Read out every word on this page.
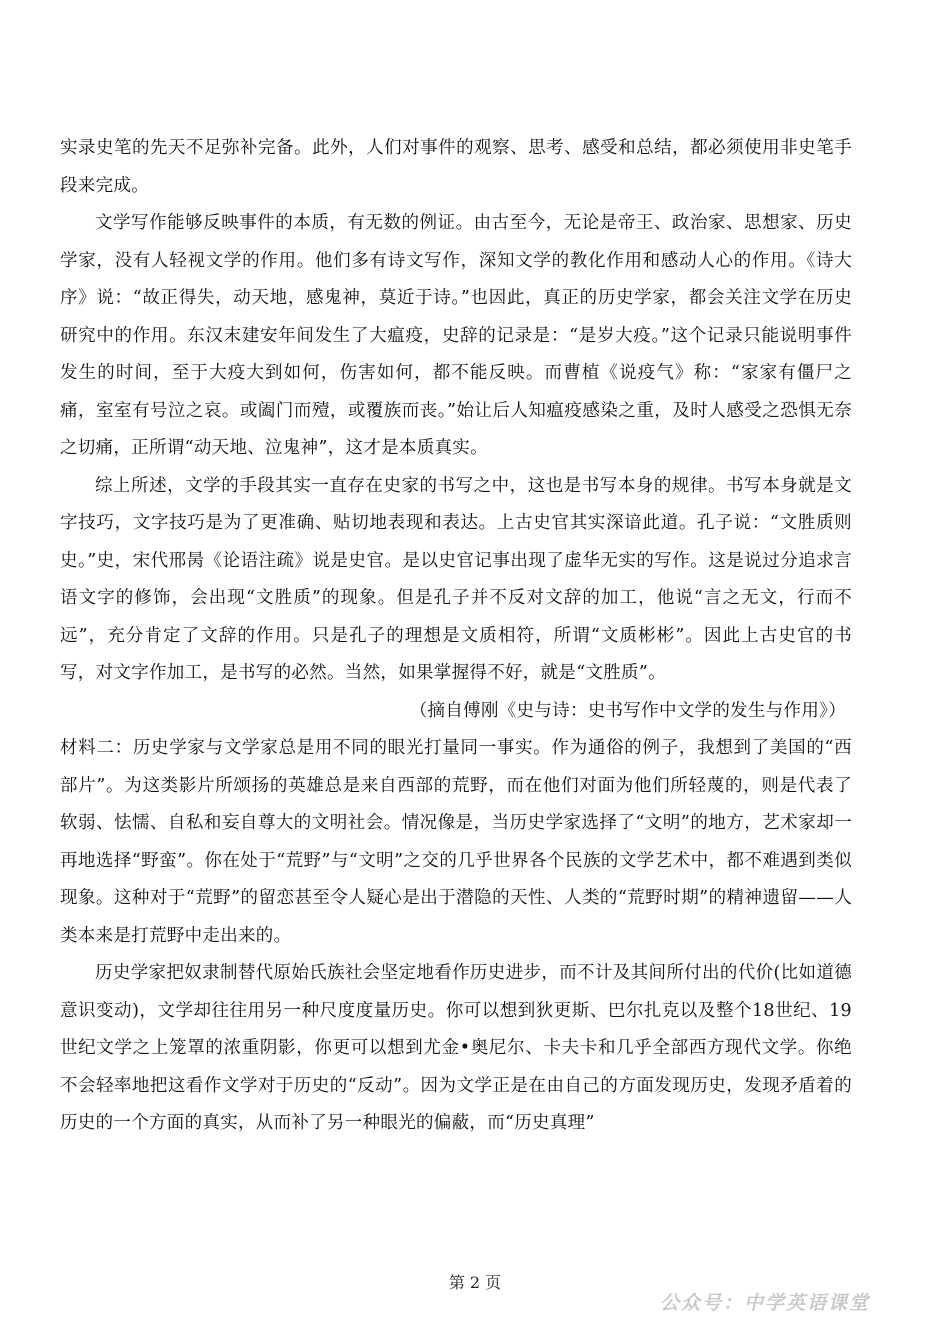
实录史笔的先天不足弥补完备。此外，人们对事件的观察、思考、感受和总结，都必须使用非史笔手段来完成。

文学写作能够反映事件的本质，有无数的例证。由古至今，无论是帝王、政治家、思想家、历史学家，没有人轻视文学的作用。他们多有诗文写作，深知文学的教化作用和感动人心的作用。《诗大序》说：“故正得失，动天地，感鬼神，莫近于诗。”也因此，真正的历史学家，都会关注文学在历史研究中的作用。东汉末建安年间发生了大瘟疫，史辞的记录是：“是岁大疫。”这个记录只能说明事件发生的时间，至于大疫大到如何，伤害如何，都不能反映。而曹植《说疫气》称：“家家有僵尸之痛，室室有号泣之哀。或阖门而殪，或覆族而丧。”始让后人知瘟疫感染之重，及时人感受之恐惧无奈之切痛，正所谓“动天地、泣鬼神”，这才是本质真实。

综上所述，文学的手段其实一直存在史家的书写之中，这也是书写本身的规律。书写本身就是文字技巧，文字技巧是为了更准确、贴切地表现和表达。上古史官其实深谙此道。孔子说：“文胜质则史。”史，宋代邢昺《论语注疏》说是史官。是以史官记事出现了虚华无实的写作。这是说过分追求言语文字的修饰，会出现“文胜质”的现象。但是孔子并不反对文辞的加工，他说“言之无文，行而不远”，充分肯定了文辞的作用。只是孔子的理想是文质相符，所谓“文质彬彬”。因此上古史官的书写，对文字作加工，是书写的必然。当然，如果掌握得不好，就是“文胜质”。

（摘自傅刚《史与诗：史书写作中文学的发生与作用》）

材料二：历史学家与文学家总是用不同的眼光打量同一事实。作为通俗的例子，我想到了美国的“西部片”。为这类影片所颂扬的英雄总是来自西部的荒野，而在他们对面为他们所轻蔑的，则是代表了软弱、怯懦、自私和妄自尊大的文明社会。情况像是，当历史学家选择了“文明”的地方，艺术家却一再地选择“野蛮”。你在处于“荒野”与“文明”之交的几乎世界各个民族的文学艺术中，都不难遇到类似现象。这种对于“荒野”的留恋甚至令人疑心是出于潜隐的天性、人类的“荒野时期”的精神遗留——人类本来是打荒野中走出来的。

历史学家把奴隶制替代原始氏族社会坚定地看作历史进步，而不计及其间所付出的代价(比如道德意识变动)，文学却往往用另一种尺度度量历史。你可以想到狄更斯、巴尔扎克以及整个18世纪、19世纪文学之上笼罩的浓重阴影，你更可以想到尤金•奥尼尔、卡夫卡和几乎全部西方现代文学。你绝不会轻率地把这看作文学对于历史的“反动”。因为文学正是在由自己的方面发现历史，发现矛盾着的历史的一个方面的真实，从而补了另一种眼光的偏蔽，而“历史真理”

第 2 页
公众号：中学英语课堂
